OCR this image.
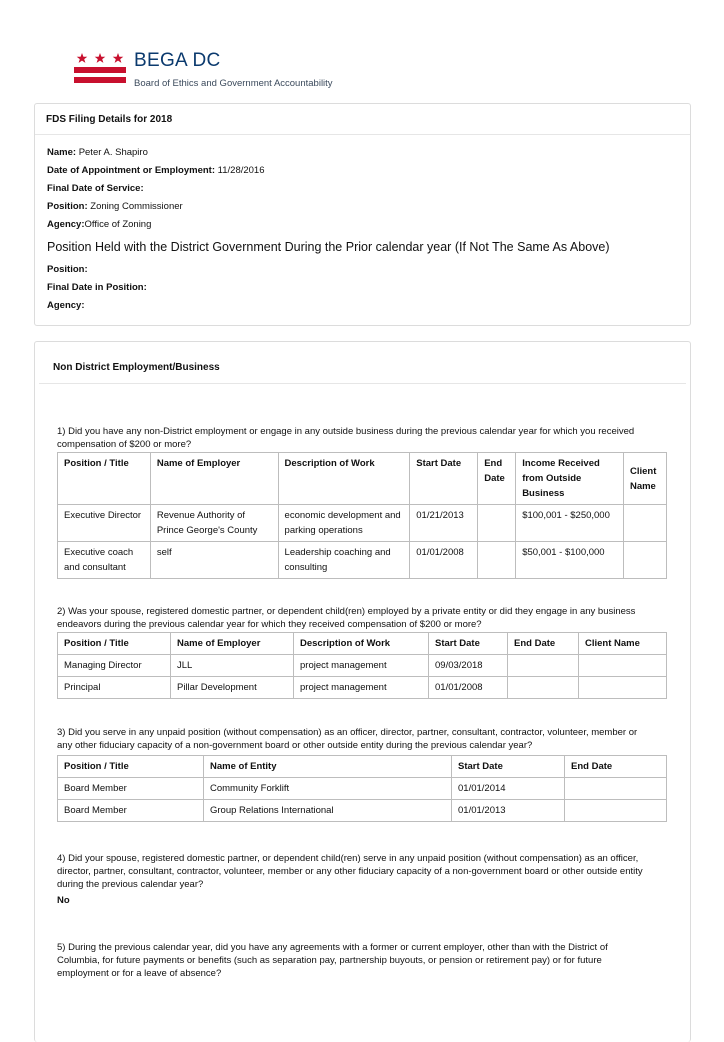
BEGA DC
Board of Ethics and Government Accountability
FDS Filing Details for 2018
Name: Peter A. Shapiro
Date of Appointment or Employment: 11/28/2016
Final Date of Service:
Position: Zoning Commissioner
Agency:Office of Zoning
Position Held with the District Government During the Prior calendar year (If Not The Same As Above)
Position:
Final Date in Position:
Agency:
Non District Employment/Business
1) Did you have any non-District employment or engage in any outside business during the previous calendar year for which you received compensation of $200 or more?
Position / Title	Name of Employer	Description of Work	Start Date	End Date	Income Received from Outside Business	Client Name
Executive Director	Revenue Authority of Prince George's County	economic development and parking operations	01/21/2013		$100,001 - $250,000	
Executive coach and consultant	self	Leadership coaching and consulting	01/01/2008		$50,001 - $100,000	
2) Was your spouse, registered domestic partner, or dependent child(ren) employed by a private entity or did they engage in any business endeavors during the previous calendar year for which they received compensation of $200 or more?
Position / Title	Name of Employer	Description of Work	Start Date	End Date	Client Name
Managing Director	JLL	project management	09/03/2018		
Principal	Pillar Development	project management	01/01/2008		
3) Did you serve in any unpaid position (without compensation) as an officer, director, partner, consultant, contractor, volunteer, member or any other fiduciary capacity of a non-government board or other outside entity during the previous calendar year?
Position / Title	Name of Entity	Start Date	End Date
Board Member	Community Forklift	01/01/2014	
Board Member	Group Relations International	01/01/2013	
4) Did your spouse, registered domestic partner, or dependent child(ren) serve in any unpaid position (without compensation) as an officer, director, partner, consultant, contractor, volunteer, member or any other fiduciary capacity of a non-government board or other outside entity during the previous calendar year?
No
5) During the previous calendar year, did you have any agreements with a former or current employer, other than with the District of Columbia, for future payments or benefits (such as separation pay, partnership buyouts, or pension or retirement pay) or for future employment or for a leave of absence?
